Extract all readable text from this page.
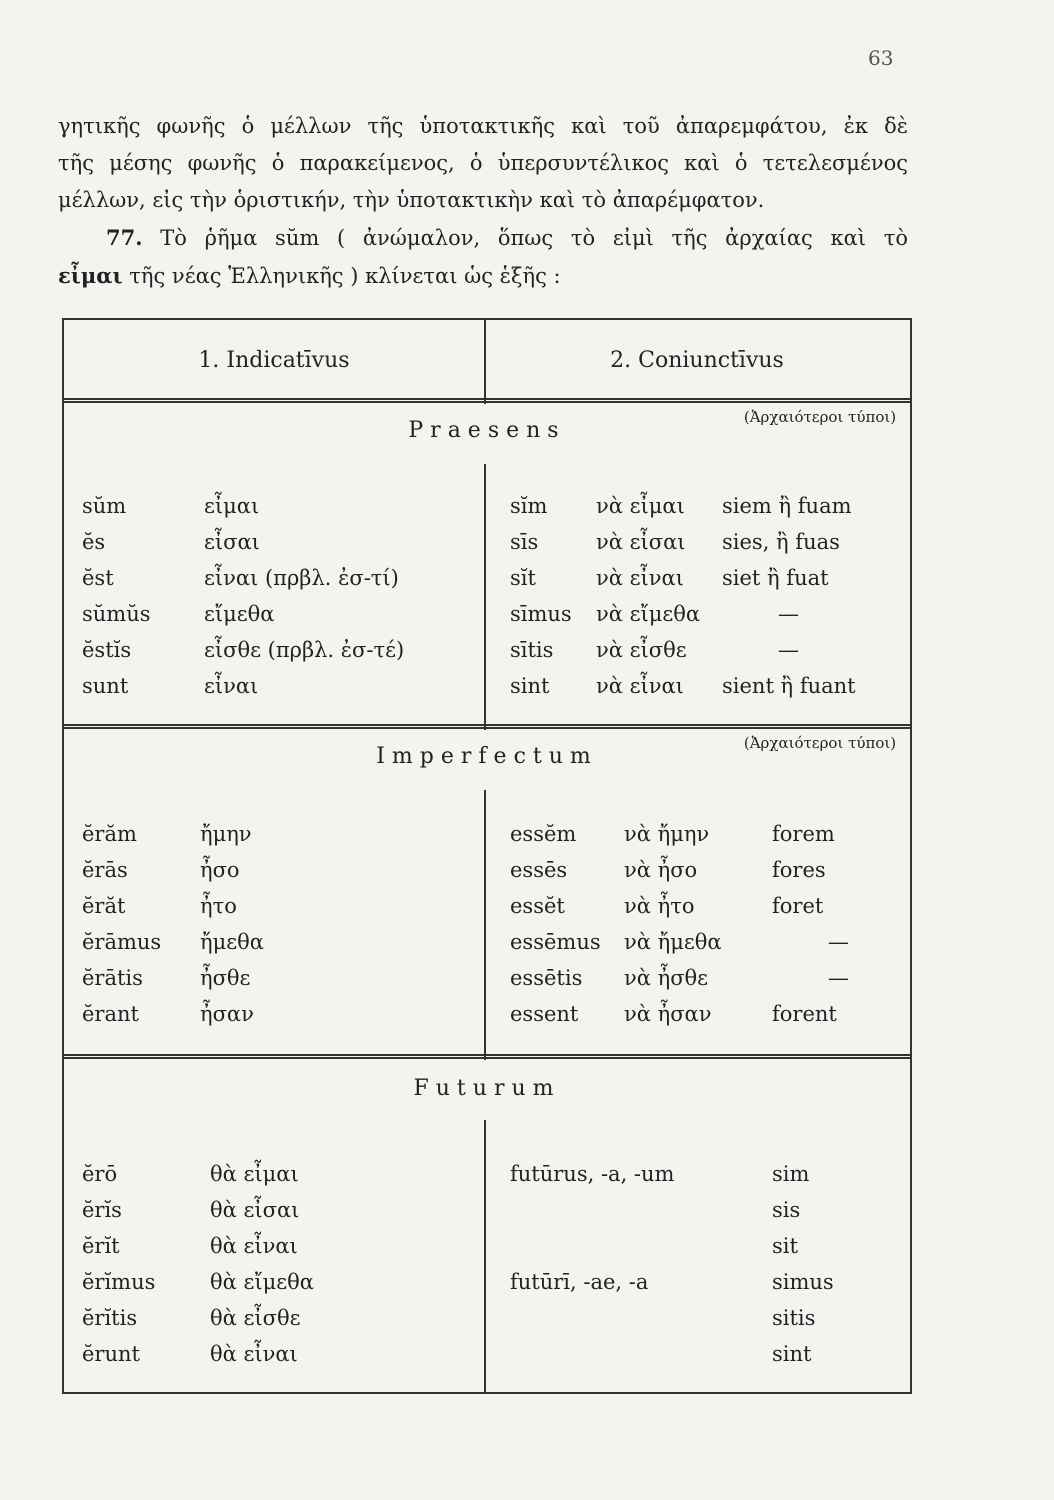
63
γητικῆς φωνῆς ὁ μέλλων τῆς ὑποτακτικῆς καὶ τοῦ ἀπαρεμφάτου, ἐκ δὲ
τῆς μέσης φωνῆς ὁ παρακείμενος, ὁ ὑπερσυντέλικος καὶ ὁ τετελεσμένος
μέλλων, εἰς τὴν ὁριστικήν, τὴν ὑποτακτικὴν καὶ τὸ ἀπαρέμφατον.
77. Τὸ ῥῆμα sŭm ( ἀνώμαλον, ὅπως τὸ εἰμὶ τῆς ἀρχαίας καὶ τὸ
εἶμαι τῆς νέας Ἑλληνικῆς ) κλίνεται ὡς ἑξῆς :
1. Indicatīvus	2. Coniunctīvus
Praesens
(Ἀρχαιότεροι τύποι)
sŭm
ĕs
ĕst
sŭmŭs
ĕstĭs
sunt
εἶμαι
εἶσαι
εἶναι (πρβλ. ἐσ-τί)
εἴμεθα
εἶσθε (πρβλ. ἐσ-τέ)
εἶναι
sĭm
sīs
sĭt
sīmus
sītis
sint
νὰ εἶμαι
νὰ εἶσαι
νὰ εἶναι
νὰ εἴμεθα
νὰ εἶσθε
νὰ εἶναι
siem ἢ fuam
sies, ἢ fuas
siet ἢ fuat
—
—
sient ἢ fuant
Imperfectum
(Ἀρχαιότεροι τύποι)
ĕrăm
ĕrās
ĕrăt
ĕrāmus
ĕrātis
ĕrant
ἤμην
ἦσο
ἦτο
ἤμεθα
ἦσθε
ἦσαν
essĕm
essēs
essĕt
essēmus
essētis
essent
νὰ ἤμην
νὰ ἦσο
νὰ ἦτο
νὰ ἤμεθα
νὰ ἦσθε
νὰ ἦσαν
forem
fores
foret
—
—
forent
Futurum
ĕrō
ĕrĭs
ĕrĭt
ĕrĭmus
ĕrĭtis
ĕrunt
θὰ εἶμαι
θὰ εἶσαι
θὰ εἶναι
θὰ εἴμεθα
θὰ εἶσθε
θὰ εἶναι
futūrus, -a, -um
futūrī, -ae, -a
sim
sis
sit
simus
sitis
sint
